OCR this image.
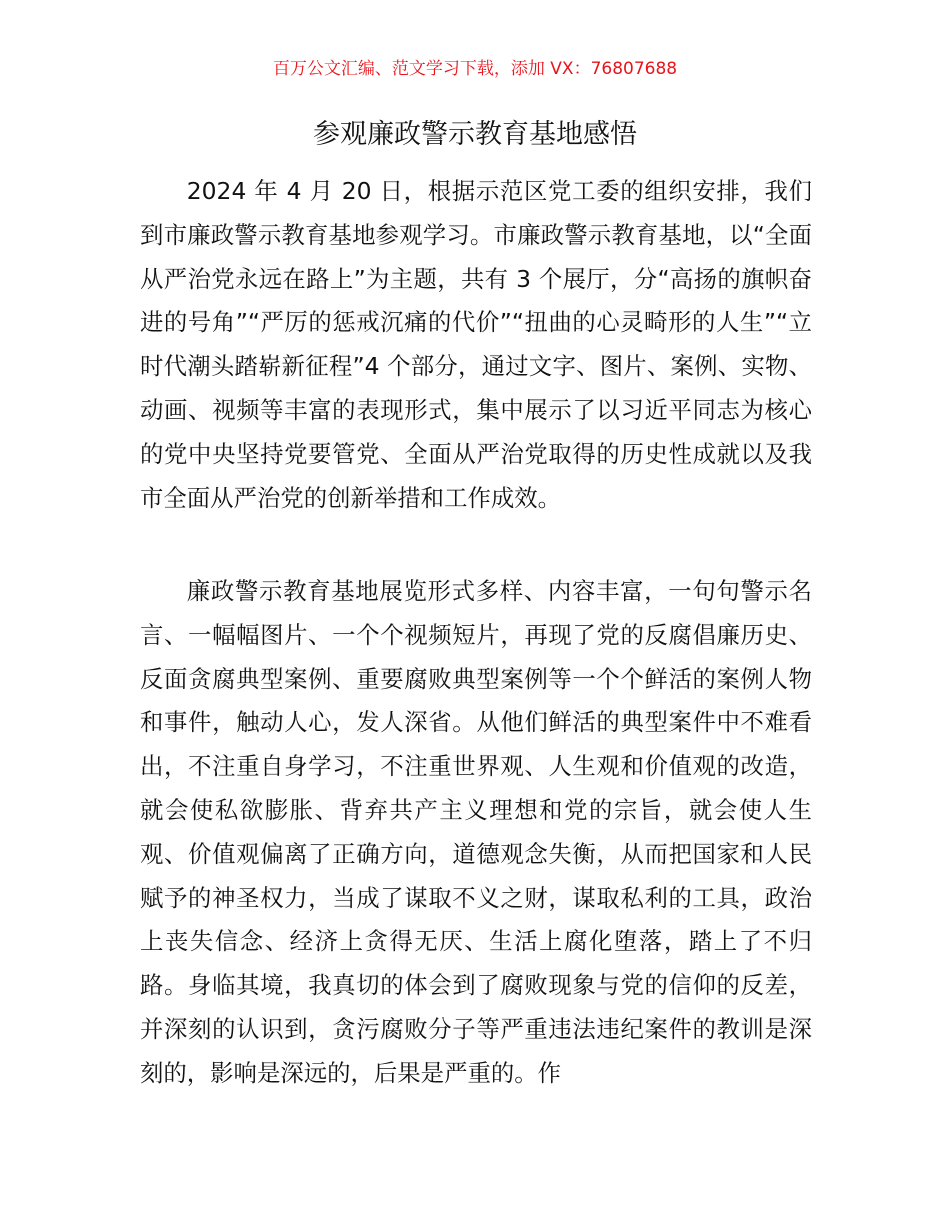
百万公文汇编、范文学习下载，添加 VX：76807688
参观廉政警示教育基地感悟

2024 年 4 月 20 日，根据示范区党工委的组织安排，我们到市廉政警示教育基地参观学习。市廉政警示教育基地，以“全面从严治党永远在路上”为主题，共有 3 个展厅，分“高扬的旗帜奋进的号角”“严厉的惩戒沉痛的代价”“扭曲的心灵畸形的人生”“立时代潮头踏崭新征程”4 个部分，通过文字、图片、案例、实物、动画、视频等丰富的表现形式，集中展示了以习近平同志为核心的党中央坚持党要管党、全面从严治党取得的历史性成就以及我市全面从严治党的创新举措和工作成效。

廉政警示教育基地展览形式多样、内容丰富，一句句警示名言、一幅幅图片、一个个视频短片，再现了党的反腐倡廉历史、反面贪腐典型案例、重要腐败典型案例等一个个鲜活的案例人物和事件，触动人心，发人深省。从他们鲜活的典型案件中不难看出，不注重自身学习，不注重世界观、人生观和价值观的改造，就会使私欲膨胀、背弃共产主义理想和党的宗旨，就会使人生观、价值观偏离了正确方向，道德观念失衡，从而把国家和人民赋予的神圣权力，当成了谋取不义之财，谋取私利的工具，政治上丧失信念、经济上贪得无厌、生活上腐化堕落，踏上了不归路。身临其境，我真切的体会到了腐败现象与党的信仰的反差，并深刻的认识到，贪污腐败分子等严重违法违纪案件的教训是深刻的，影响是深远的，后果是严重的。作
